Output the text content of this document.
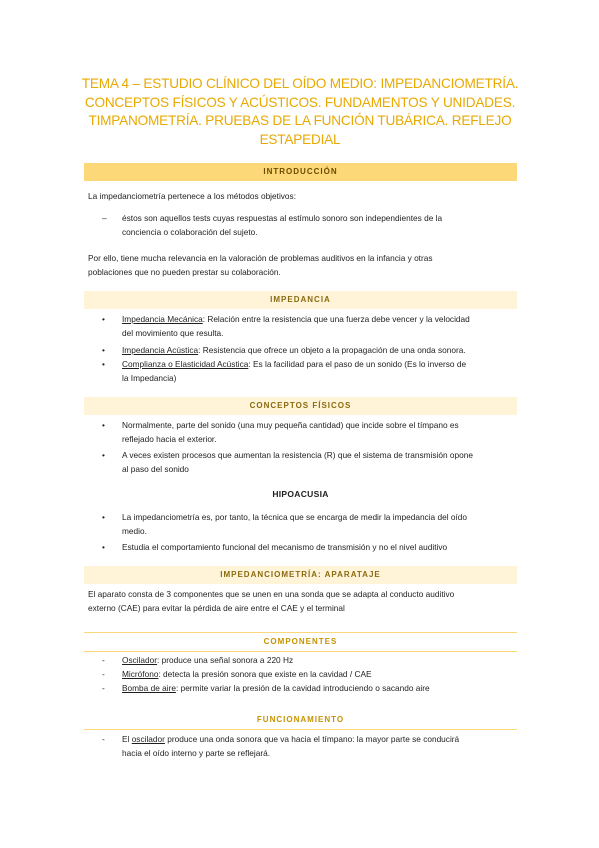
TEMA 4 – ESTUDIO CLÍNICO DEL OÍDO MEDIO: IMPEDANCIOMETRÍA.
CONCEPTOS FÍSICOS Y ACÚSTICOS. FUNDAMENTOS Y UNIDADES.
TIMPANOMETRÍA. PRUEBAS DE LA FUNCIÓN TUBÁRICA. REFLEJO
ESTAPEDIAL
INTRODUCCIÓN
La impedanciometría pertenece a los métodos objetivos:
–	éstos son aquellos tests cuyas respuestas al estímulo sonoro son independientes de la
conciencia o colaboración del sujeto.
Por ello, tiene mucha relevancia en la valoración de problemas auditivos en la infancia y otras
poblaciones que no pueden prestar su colaboración.
IMPEDANCIA
•
Impedancia Mecánica: Relación entre la resistencia que una fuerza debe vencer y la velocidad
del movimiento que resulta.
•
Impedancia Acústica: Resistencia que ofrece un objeto a la propagación de una onda sonora.
•
Complianza o Elasticidad Acústica: Es la facilidad para el paso de un sonido (Es lo inverso de
la Impedancia)
CONCEPTOS FÍSICOS
•
Normalmente, parte del sonido (una muy pequeña cantidad) que incide sobre el tímpano es
reflejado hacia el exterior.
•
A veces existen procesos que aumentan la resistencia (R) que el sistema de transmisión opone
al paso del sonido
HIPOACUSIA
•
La impedanciometría es, por tanto, la técnica que se encarga de medir la impedancia del oído
medio.
•
Estudia el comportamiento funcional del mecanismo de transmisión y no el nivel auditivo
IMPEDANCIOMETRÍA: APARATAJE
El aparato consta de 3 componentes que se unen en una sonda que se adapta al conducto auditivo
externo (CAE) para evitar la pérdida de aire entre el CAE y el terminal
COMPONENTES
-	Oscilador: produce una señal sonora a 220 Hz
-	Micrófono: detecta la presión sonora que existe en la cavidad / CAE
-	Bomba de aire: permite variar la presión de la cavidad introduciendo o sacando aire
FUNCIONAMIENTO
-	El oscilador produce una onda sonora que va hacia el tímpano: la mayor parte se conducirá
hacia el oído interno y parte se reflejará.
